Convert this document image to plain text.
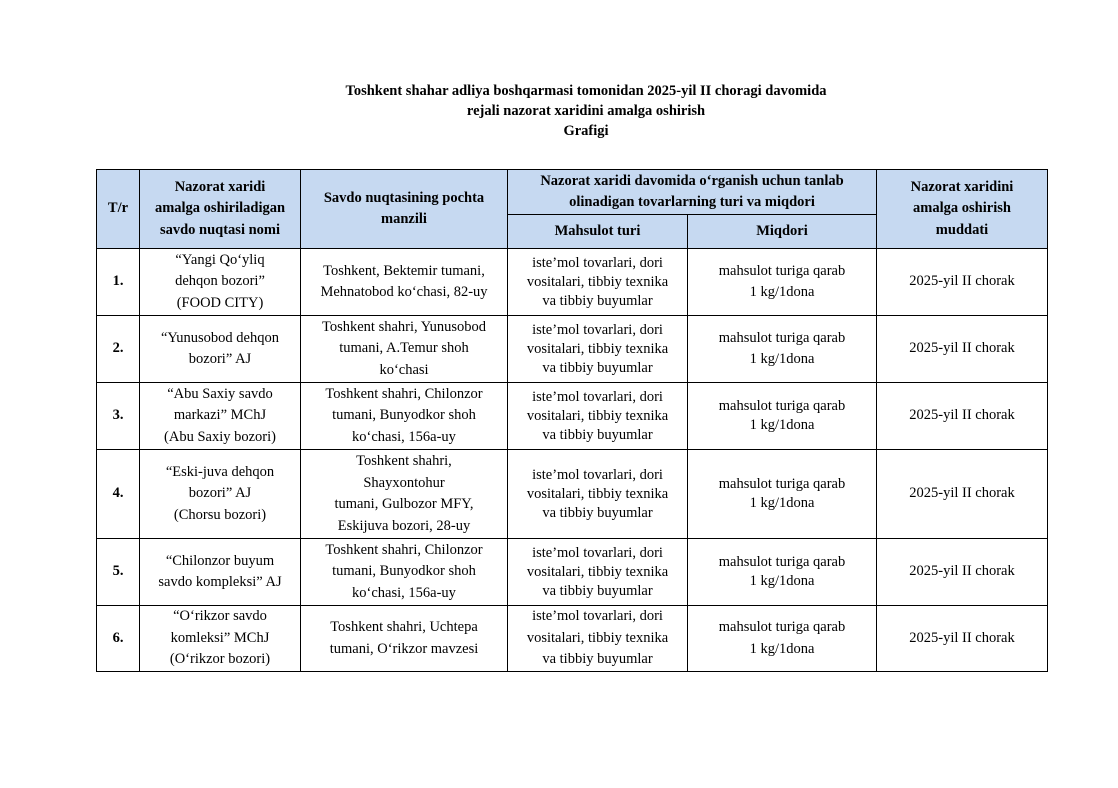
Toshkent shahar adliya boshqarmasi tomonidan 2025-yil II choragi davomida
rejali nazorat xaridini amalga oshirish
Grafigi
T/r	Nazorat xaridi
amalga oshiriladigan
savdo nuqtasi nomi	Savdo nuqtasining pochta
manzili	Nazorat xaridi davomida o‘rganish uchun tanlab
olinadigan tovarlarning turi va miqdori		Nazorat xaridini
amalga oshirish
muddati

			Mahsulot turi	Miqdori	
1.	“Yangi Qo‘yliq
dehqon bozori”
(FOOD CITY)	Toshkent, Bektemir tumani,
Mehnatobod ko‘chasi, 82-uy	iste’mol tovarlari, dori
vositalari, tibbiy texnika
va tibbiy buyumlar	mahsulot turiga qarab
1 kg/1dona	2025-yil II chorak
2.	“Yunusobod dehqon
bozori” AJ	Toshkent shahri, Yunusobod
tumani, A.Temur shoh
ko‘chasi	iste’mol tovarlari, dori
vositalari, tibbiy texnika
va tibbiy buyumlar	mahsulot turiga qarab
1 kg/1dona	2025-yil II chorak
3.	“Abu Saxiy savdo
markazi” MChJ
(Abu Saxiy bozori)	Toshkent shahri, Chilonzor
tumani, Bunyodkor shoh
ko‘chasi, 156a-uy	iste’mol tovarlari, dori
vositalari, tibbiy texnika
va tibbiy buyumlar	mahsulot turiga qarab
1 kg/1dona	2025-yil II chorak
4.	“Eski-juva dehqon
bozori” AJ
(Chorsu bozori)	Toshkent shahri,
Shayxontohur
tumani, Gulbozor MFY,
Eskijuva bozori, 28-uy	iste’mol tovarlari, dori
vositalari, tibbiy texnika
va tibbiy buyumlar	mahsulot turiga qarab
1 kg/1dona	2025-yil II chorak
5.	“Chilonzor buyum
savdo kompleksi” AJ	Toshkent shahri, Chilonzor
tumani, Bunyodkor shoh
ko‘chasi, 156a-uy	iste’mol tovarlari, dori
vositalari, tibbiy texnika
va tibbiy buyumlar	mahsulot turiga qarab
1 kg/1dona	2025-yil II chorak
6.	“O‘rikzor savdo
komleksi” MChJ
(O‘rikzor bozori)	Toshkent shahri, Uchtepa
tumani, O‘rikzor mavzesi	iste’mol tovarlari, dori
vositalari, tibbiy texnika
va tibbiy buyumlar	mahsulot turiga qarab
1 kg/1dona	2025-yil II chorak
